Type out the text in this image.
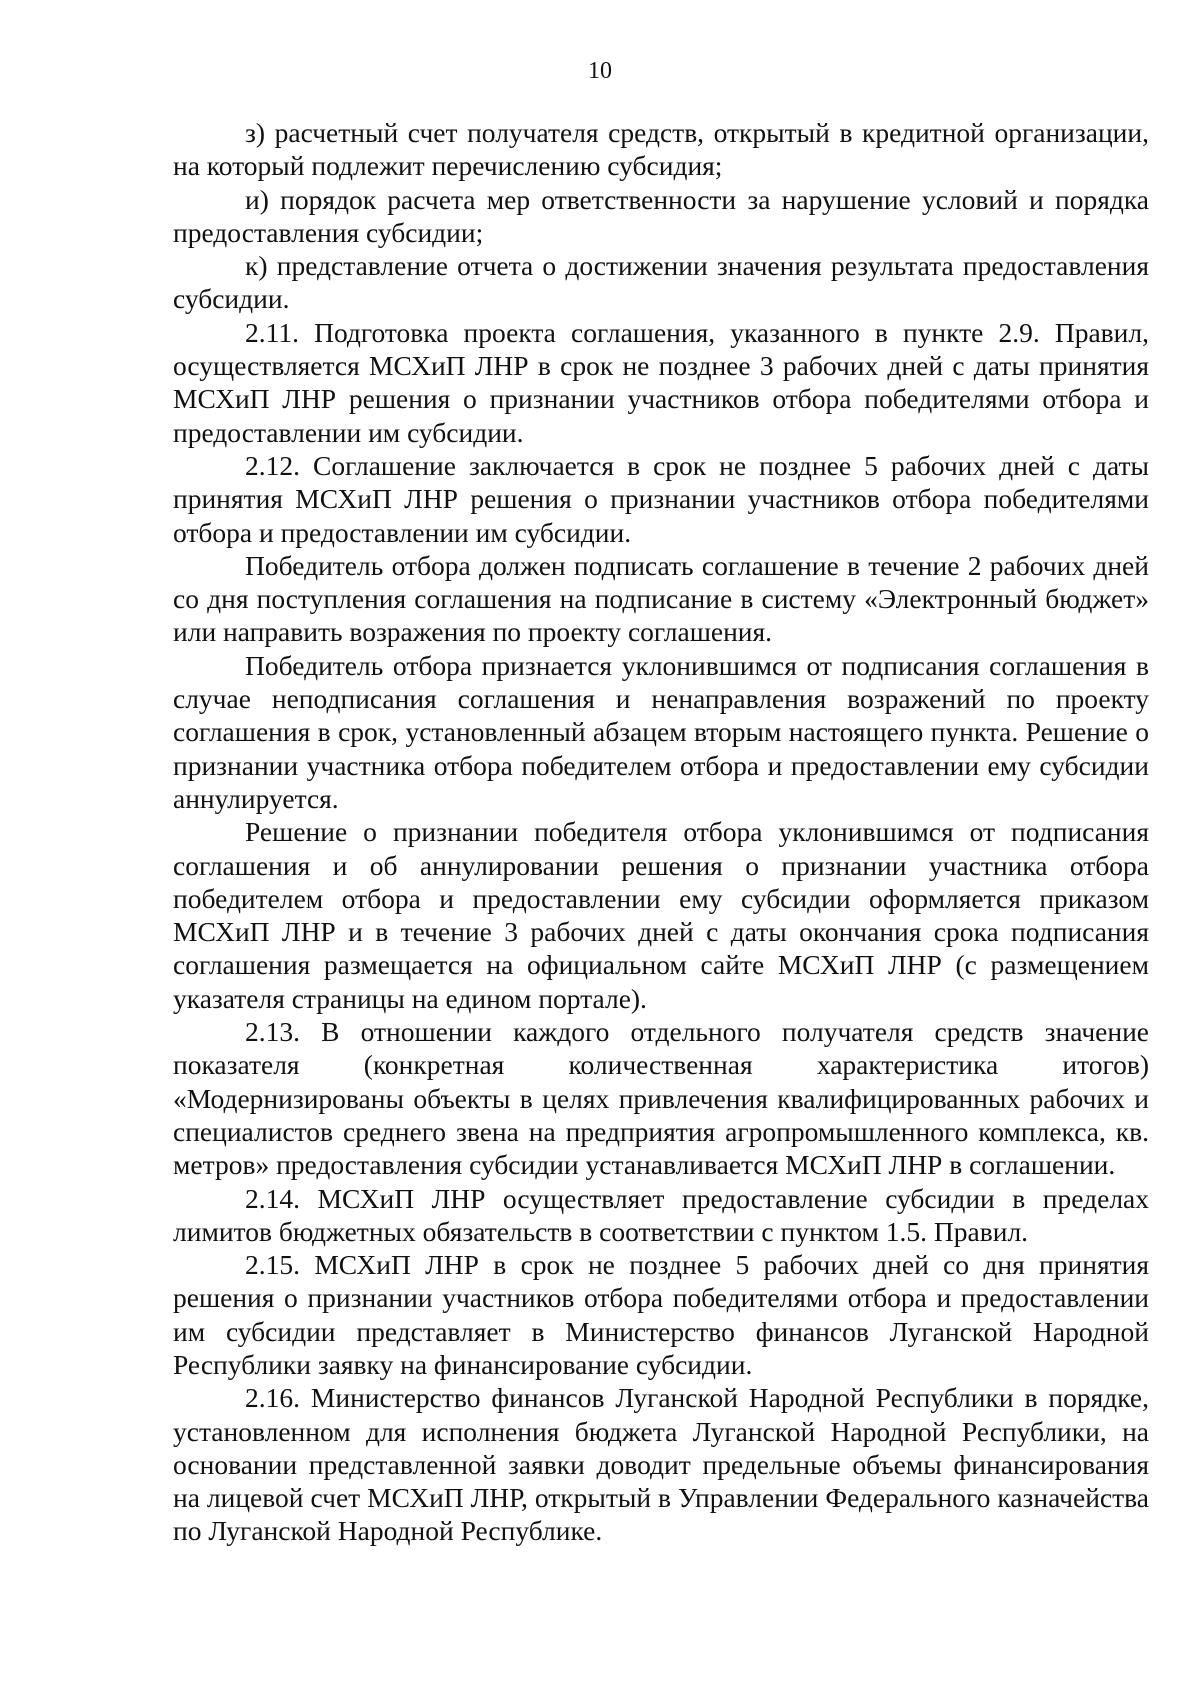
10

з) расчетный счет получателя средств, открытый в кредитной организации, на который подлежит перечислению субсидия;

и) порядок расчета мер ответственности за нарушение условий и порядка предоставления субсидии;

к) представление отчета о достижении значения результата предоставления субсидии.

2.11. Подготовка проекта соглашения, указанного в пункте 2.9. Правил, осуществляется МСХиП ЛНР в срок не позднее 3 рабочих дней с даты принятия МСХиП ЛНР решения о признании участников отбора победителями отбора и предоставлении им субсидии.

2.12. Соглашение заключается в срок не позднее 5 рабочих дней с даты принятия МСХиП ЛНР решения о признании участников отбора победителями отбора и предоставлении им субсидии.

Победитель отбора должен подписать соглашение в течение 2 рабочих дней со дня поступления соглашения на подписание в систему «Электронный бюджет» или направить возражения по проекту соглашения.

Победитель отбора признается уклонившимся от подписания соглашения в случае неподписания соглашения и ненаправления возражений по проекту соглашения в срок, установленный абзацем вторым настоящего пункта. Решение о признании участника отбора победителем отбора и предоставлении ему субсидии аннулируется.

Решение о признании победителя отбора уклонившимся от подписания соглашения и об аннулировании решения о признании участника отбора победителем отбора и предоставлении ему субсидии оформляется приказом МСХиП ЛНР и в течение 3 рабочих дней с даты окончания срока подписания соглашения размещается на официальном сайте МСХиП ЛНР (с размещением указателя страницы на едином портале).

2.13. В отношении каждого отдельного получателя средств значение показателя (конкретная количественная характеристика итогов) «Модернизированы объекты в целях привлечения квалифицированных рабочих и специалистов среднего звена на предприятия агропромышленного комплекса, кв. метров» предоставления субсидии устанавливается МСХиП ЛНР в соглашении.

2.14. МСХиП ЛНР осуществляет предоставление субсидии в пределах лимитов бюджетных обязательств в соответствии с пунктом 1.5. Правил.

2.15. МСХиП ЛНР в срок не позднее 5 рабочих дней со дня принятия решения о признании участников отбора победителями отбора и предоставлении им субсидии представляет в Министерство финансов Луганской Народной Республики заявку на финансирование субсидии.

2.16. Министерство финансов Луганской Народной Республики в порядке, установленном для исполнения бюджета Луганской Народной Республики, на основании представленной заявки доводит предельные объемы финансирования на лицевой счет МСХиП ЛНР, открытый в Управлении Федерального казначейства по Луганской Народной Республике.
